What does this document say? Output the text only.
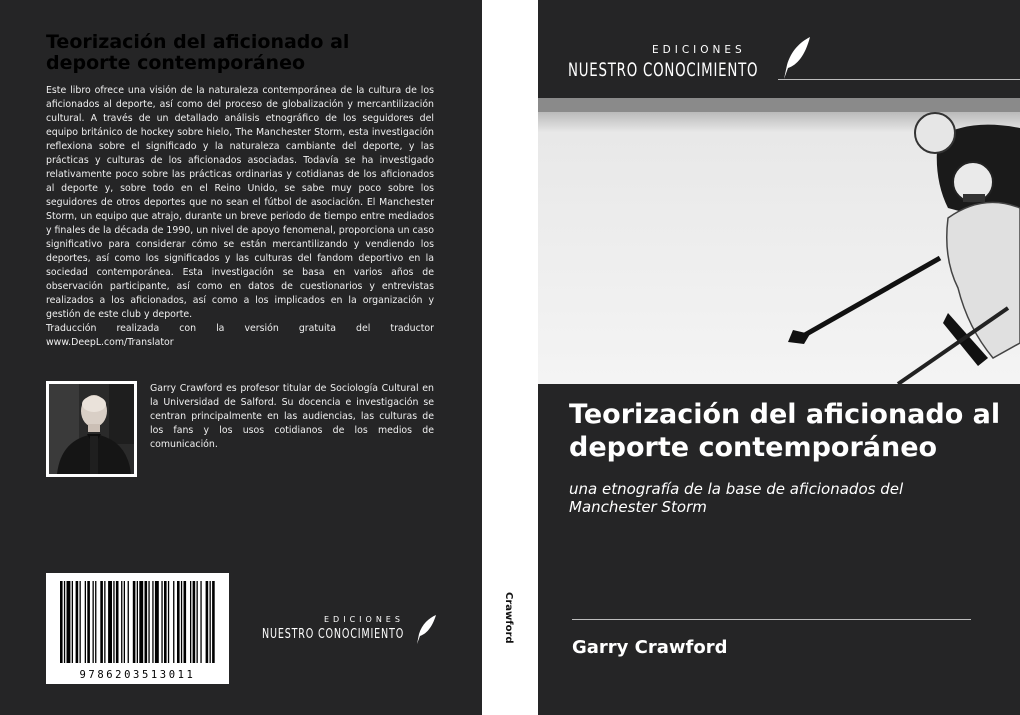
Teorización del aficionado al deporte contemporáneo

Este libro ofrece una visión de la naturaleza contemporánea de la cultura de los aficionados al deporte, así como del proceso de globalización y mercantilización cultural. A través de un detallado análisis etnográfico de los seguidores del equipo británico de hockey sobre hielo, The Manchester Storm, esta investigación reflexiona sobre el significado y la naturaleza cambiante del deporte, y las prácticas y culturas de los aficionados asociadas. Todavía se ha investigado relativamente poco sobre las prácticas ordinarias y cotidianas de los aficionados al deporte y, sobre todo en el Reino Unido, se sabe muy poco sobre los seguidores de otros deportes que no sean el fútbol de asociación. El Manchester Storm, un equipo que atrajo, durante un breve periodo de tiempo entre mediados y finales de la década de 1990, un nivel de apoyo fenomenal, proporciona un caso significativo para considerar cómo se están mercantilizando y vendiendo los deportes, así como los significados y las culturas del fandom deportivo en la sociedad contemporánea. Esta investigación se basa en varios años de observación participante, así como en datos de cuestionarios y entrevistas realizados a los aficionados, así como a los implicados en la organización y gestión de este club y deporte.

Traducción realizada con la versión gratuita del traductor www.DeepL.com/Translator

Garry Crawford es profesor titular de Sociología Cultural en la Universidad de Salford. Su docencia e investigación se centran principalmente en las audiencias, las culturas de los fans y los usos cotidianos de los medios de comunicación.
9786203513011
EDICIONES
NUESTRO CONOCIMIENTO	Crawford
EDICIONES
NUESTRO CONOCIMIENTO
Teorización del aficionado al deporte contemporáneo
una etnografía de la base de aficionados del Manchester Storm
Garry Crawford
